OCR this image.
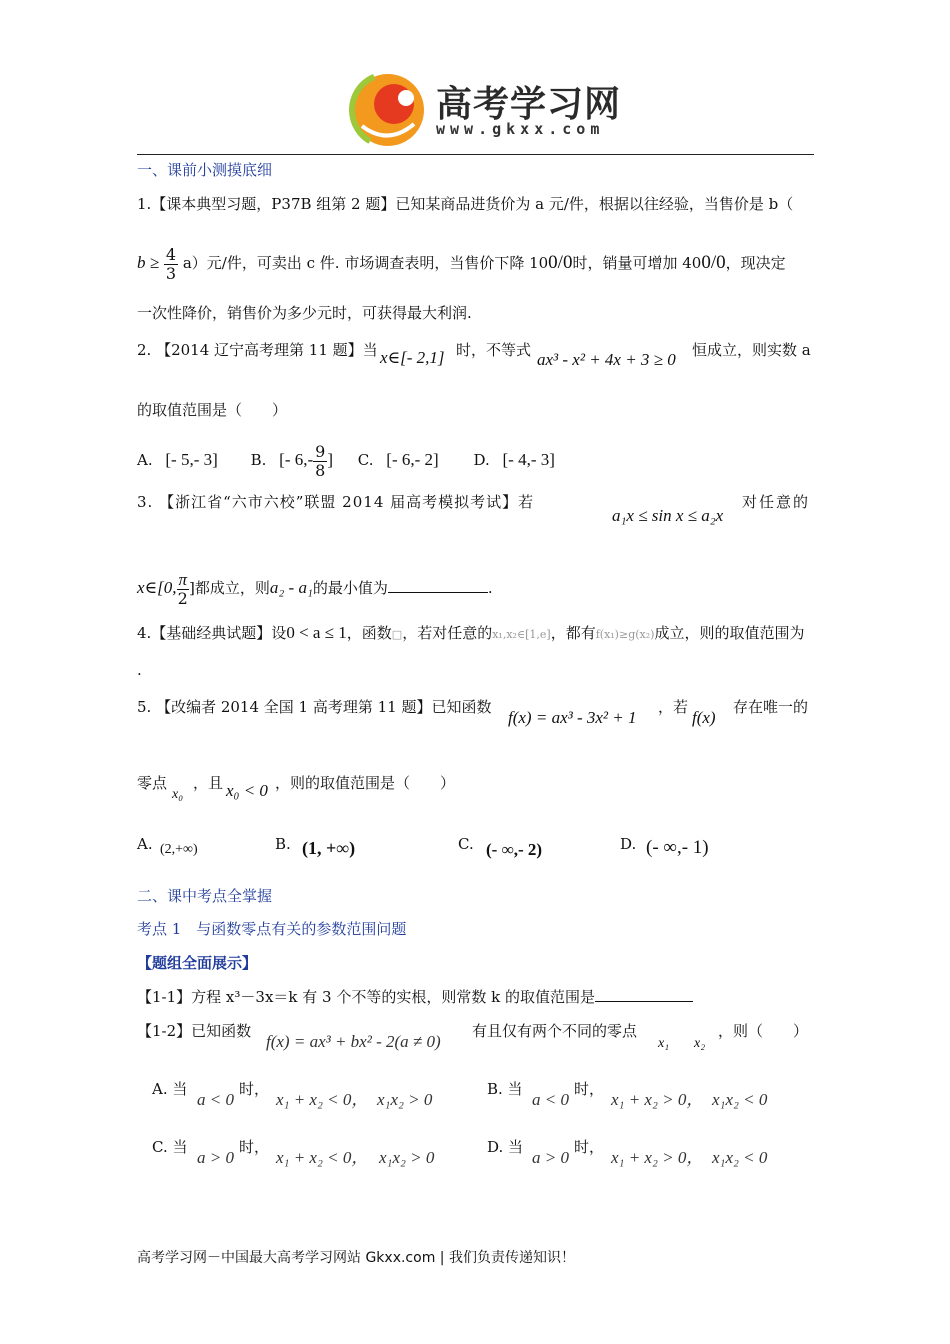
高考学习网
www.gkxx.com
一、课前小测摸底细
1.【课本典型习题，P37B 组第 2 题】已知某商品进货价为 a 元/件，根据以往经验，当售价是 b（
$b \ge \frac{4}{3} a$）元/件，可卖出 c 件. 市场调查表明，当售价下降 100/0时，销量可增加 400/0，现决定
一次性降价，销售价为多少元时，可获得最大利润.
2. 【2014 辽宁高考理第 11 题】当 x∈[- 2,1] 时，不等式 ax³ - x² + 4x + 3 ≥ 0 恒成立，则实数 a
的取值范围是（　　）
A. [- 5,- 3] B. [- $6,- \frac{9}{8}$ ] C. [- 6,- 2] D. [- 4,- 3]
3. 【浙江省“六市六校”联盟 2014 届高考模拟考试】若
a₁x ≤ sin x ≤ a₂x
对任意的
x∈[0, $\frac{\pi}{2}$ ]都成立，则a₂ - a₁的最小值为	.
4.【基础经典试题】设0 < a ≤ 1，函数□，若对任意的x₁,x₂∈[1,e]，都有f(x₁)≥g(x₂)成立，则的取值范围为
.
5. 【改编者 2014 全国 1 高考理第 11 题】已知函数
f(x) = ax³ - 3x² + 1
，若
f(x)
存在唯一的
零点
x₀
，且 x₀ < 0 ，则的取值范围是（　　）
A. (2,+∞)	B. (1, +∞)	C. (- ∞,- 2)	D. (- ∞,- 1)
二、课中考点全掌握
考点 1　与函数零点有关的参数范围问题
【题组全面展示】
【1-1】方程 x³－3x＝k 有 3 个不等的实根，则常数 k 的取值范围是
【1-2】已知函数
f(x) = ax³ + bx² - 2(a ≠ 0)
有且仅有两个不同的零点
x₁ x₂
，则（　　）
A. 当
a < 0
时，
x₁ + x₂ < 0， x₁x₂ > 0
B. 当
a < 0
时，
x₁ + x₂ > 0， x₁x₂ < 0
C. 当
a > 0
时，
x₁ + x₂ < 0， x₁x₂ > 0
D. 当
a > 0
时，
x₁ + x₂ > 0， x₁x₂ < 0
高考学习网－中国最大高考学习网站 Gkxx.com | 我们负责传递知识！
